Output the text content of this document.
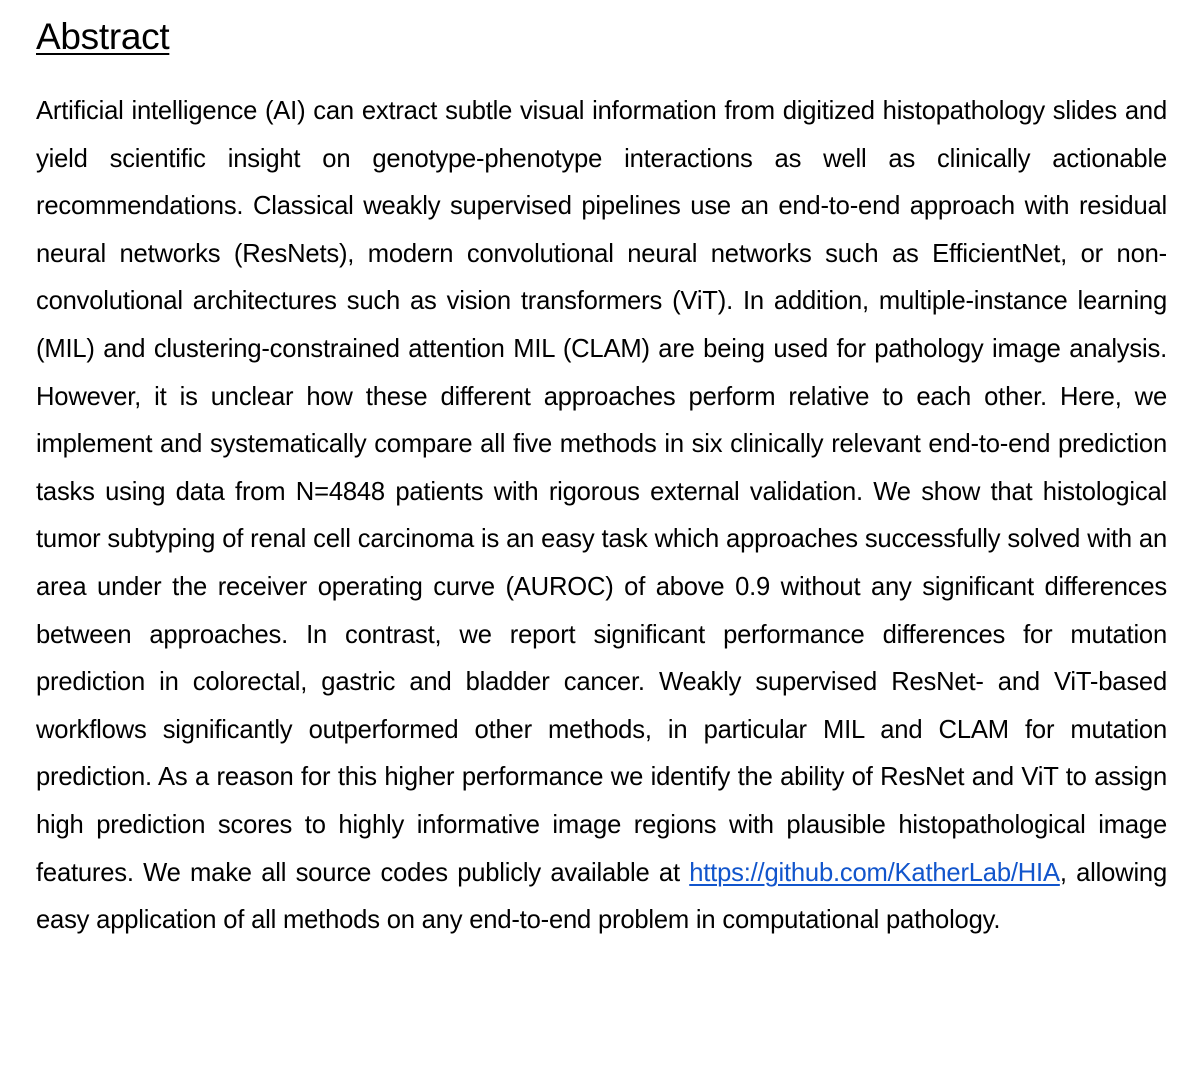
Abstract

Artificial intelligence (AI) can extract subtle visual information from digitized histopathology slides and yield scientific insight on genotype-phenotype interactions as well as clinically actionable recommendations. Classical weakly supervised pipelines use an end-to-end approach with residual neural networks (ResNets), modern convolutional neural networks such as EfficientNet, or non-convolutional architectures such as vision transformers (ViT). In addition, multiple-instance learning (MIL) and clustering-constrained attention MIL (CLAM) are being used for pathology image analysis. However, it is unclear how these different approaches perform relative to each other. Here, we implement and systematically compare all five methods in six clinically relevant end-to-end prediction tasks using data from N=4848 patients with rigorous external validation. We show that histological tumor subtyping of renal cell carcinoma is an easy task which approaches successfully solved with an area under the receiver operating curve (AUROC) of above 0.9 without any significant differences between approaches. In contrast, we report significant performance differences for mutation prediction in colorectal, gastric and bladder cancer. Weakly supervised ResNet- and ViT-based workflows significantly outperformed other methods, in particular MIL and CLAM for mutation prediction. As a reason for this higher performance we identify the ability of ResNet and ViT to assign high prediction scores to highly informative image regions with plausible histopathological image features. We make all source codes publicly available at https://github.com/KatherLab/HIA, allowing easy application of all methods on any end-to-end problem in computational pathology.
